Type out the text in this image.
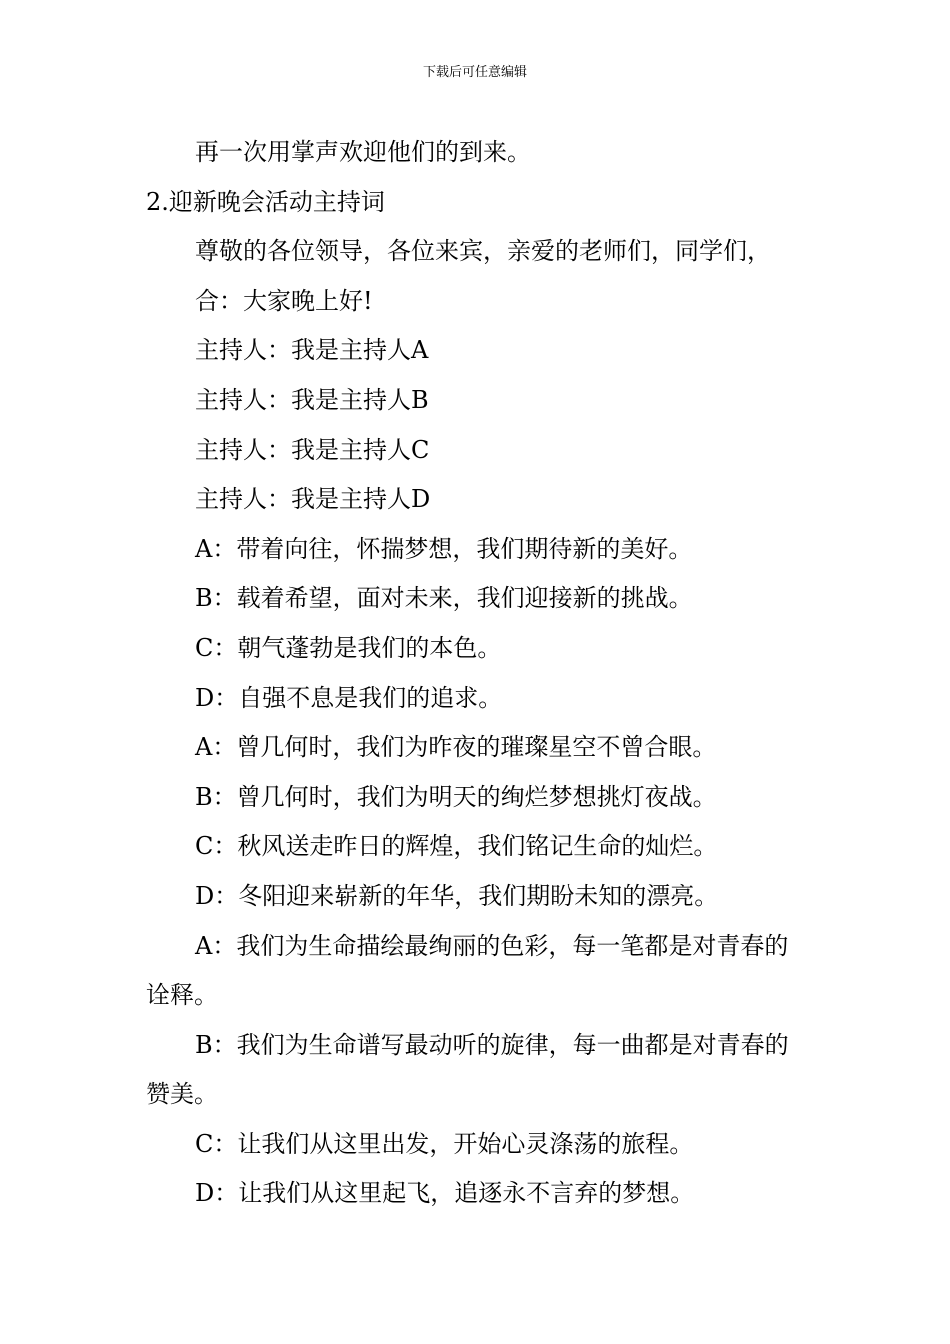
下载后可任意编辑
再一次用掌声欢迎他们的到来。
2.迎新晚会活动主持词
尊敬的各位领导，各位来宾，亲爱的老师们，同学们，
合：大家晚上好!
主持人：我是主持人A
主持人：我是主持人B
主持人：我是主持人C
主持人：我是主持人D
A：带着向往，怀揣梦想，我们期待新的美好。
B：载着希望，面对未来，我们迎接新的挑战。
C：朝气蓬勃是我们的本色。
D：自强不息是我们的追求。
A：曾几何时，我们为昨夜的璀璨星空不曾合眼。
B：曾几何时，我们为明天的绚烂梦想挑灯夜战。
C：秋风送走昨日的辉煌，我们铭记生命的灿烂。
D：冬阳迎来崭新的年华，我们期盼未知的漂亮。
A：我们为生命描绘最绚丽的色彩，每一笔都是对青春的诠释。
B：我们为生命谱写最动听的旋律，每一曲都是对青春的赞美。
C：让我们从这里出发，开始心灵涤荡的旅程。
D：让我们从这里起飞，追逐永不言弃的梦想。
